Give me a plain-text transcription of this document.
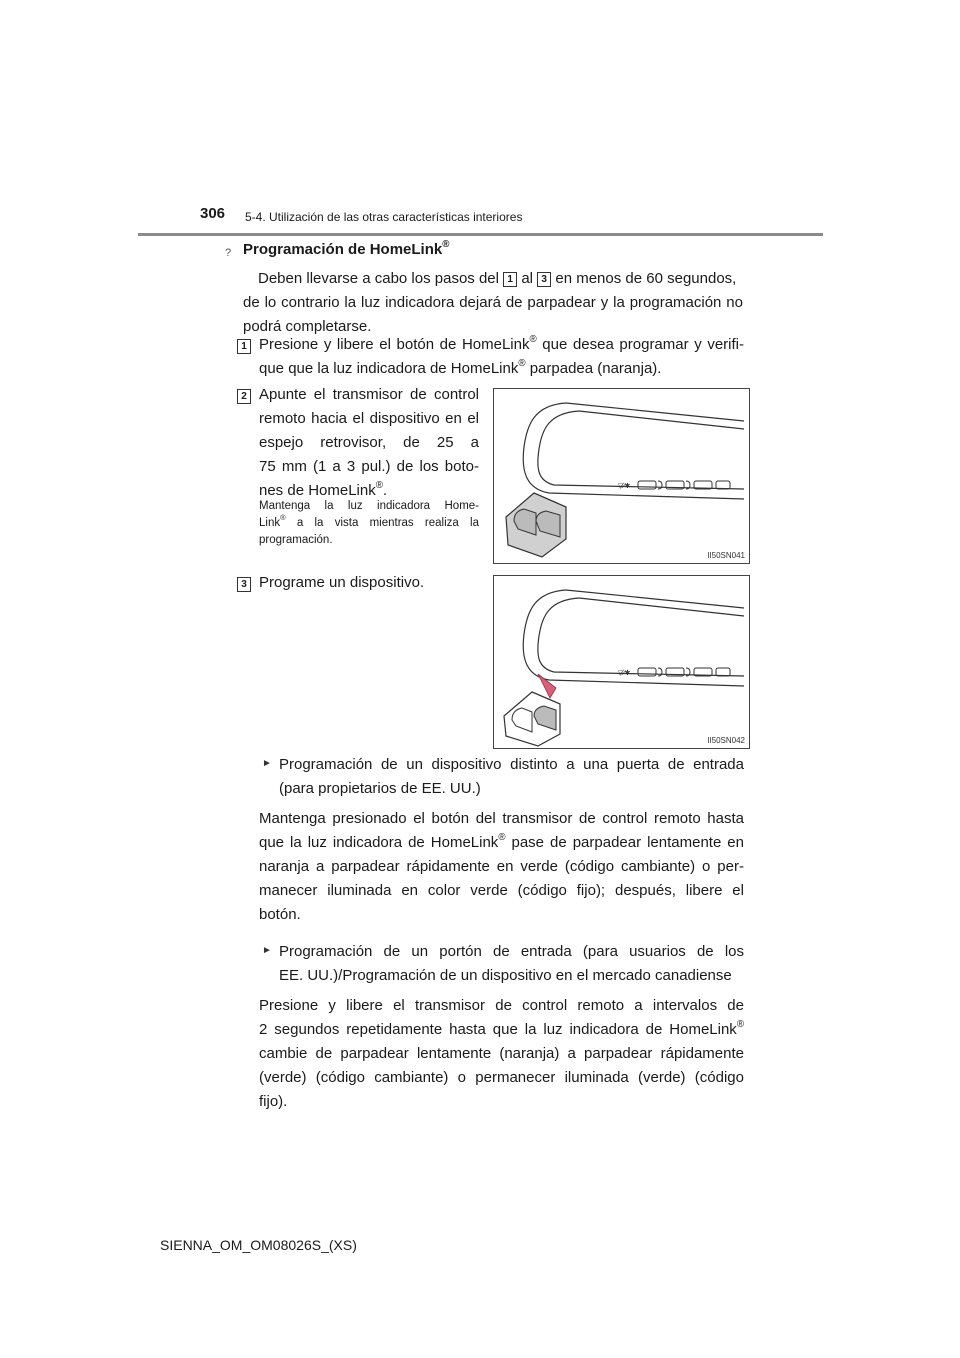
306 5-4. Utilización de las otras características interiores
? Programación de HomeLink®
Deben llevarse a cabo los pasos del 1 al 3 en menos de 60 segundos,
de lo contrario la luz indicadora dejará de parpadear y la programación no
podrá completarse.
1 Presione y libere el botón de HomeLink® que desea programar y verifi-
que que la luz indicadora de HomeLink® parpadea (naranja).
2 Apunte el transmisor de control
remoto hacia el dispositivo en el
espejo retrovisor, de 25 a
75 mm (1 a 3 pul.) de los boto-
nes de HomeLink®.
Mantenga la luz indicadora Home-
Link® a la vista mientras realiza la
programación.
▽⁄̸✱
II50SN041
3 Programe un dispositivo.
▽⁄̸✱
II50SN042
► Programación de un dispositivo distinto a una puerta de entrada
(para propietarios de EE. UU.)
Mantenga presionado el botón del transmisor de control remoto hasta
que la luz indicadora de HomeLink® pase de parpadear lentamente en
naranja a parpadear rápidamente en verde (código cambiante) o per-
manecer iluminada en color verde (código fijo); después, libere el
botón.
► Programación de un portón de entrada (para usuarios de los
EE. UU.)/Programación de un dispositivo en el mercado canadiense
Presione y libere el transmisor de control remoto a intervalos de
2 segundos repetidamente hasta que la luz indicadora de HomeLink®
cambie de parpadear lentamente (naranja) a parpadear rápidamente
(verde) (código cambiante) o permanecer iluminada (verde) (código
fijo).
SIENNA_OM_OM08026S_(XS)
